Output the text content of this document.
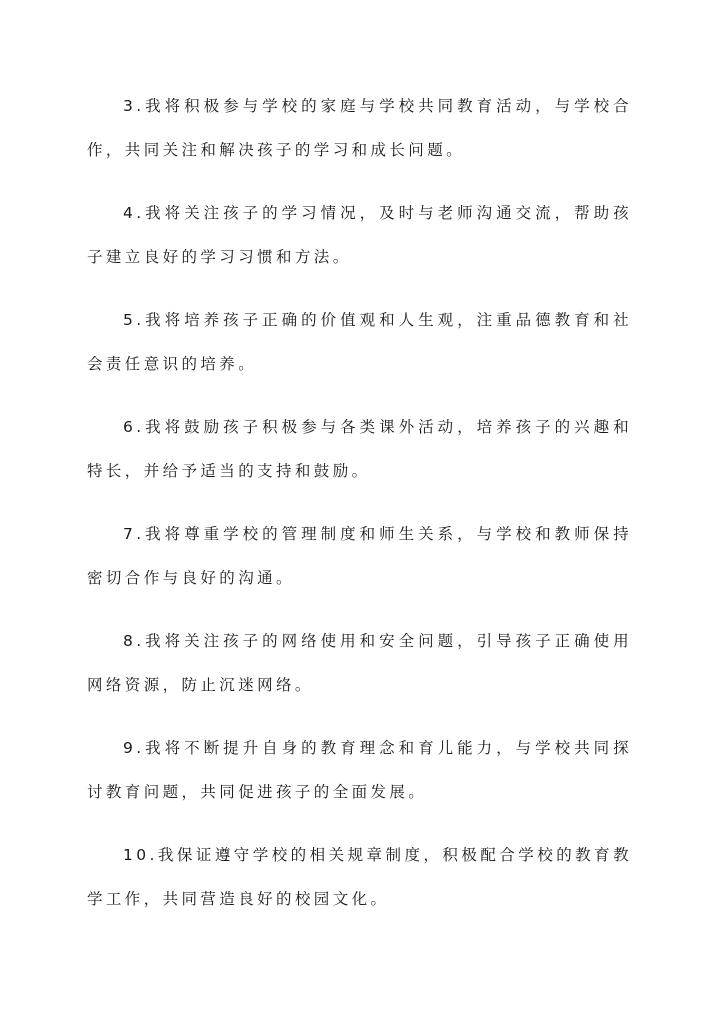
3.我将积极参与学校的家庭与学校共同教育活动，与学校合作，共同关注和解决孩子的学习和成长问题。

4.我将关注孩子的学习情况，及时与老师沟通交流，帮助孩子建立良好的学习习惯和方法。

5.我将培养孩子正确的价值观和人生观，注重品德教育和社会责任意识的培养。

6.我将鼓励孩子积极参与各类课外活动，培养孩子的兴趣和特长，并给予适当的支持和鼓励。

7.我将尊重学校的管理制度和师生关系，与学校和教师保持密切合作与良好的沟通。

8.我将关注孩子的网络使用和安全问题，引导孩子正确使用网络资源，防止沉迷网络。

9.我将不断提升自身的教育理念和育儿能力，与学校共同探讨教育问题，共同促进孩子的全面发展。

10.我保证遵守学校的相关规章制度，积极配合学校的教育教学工作，共同营造良好的校园文化。
